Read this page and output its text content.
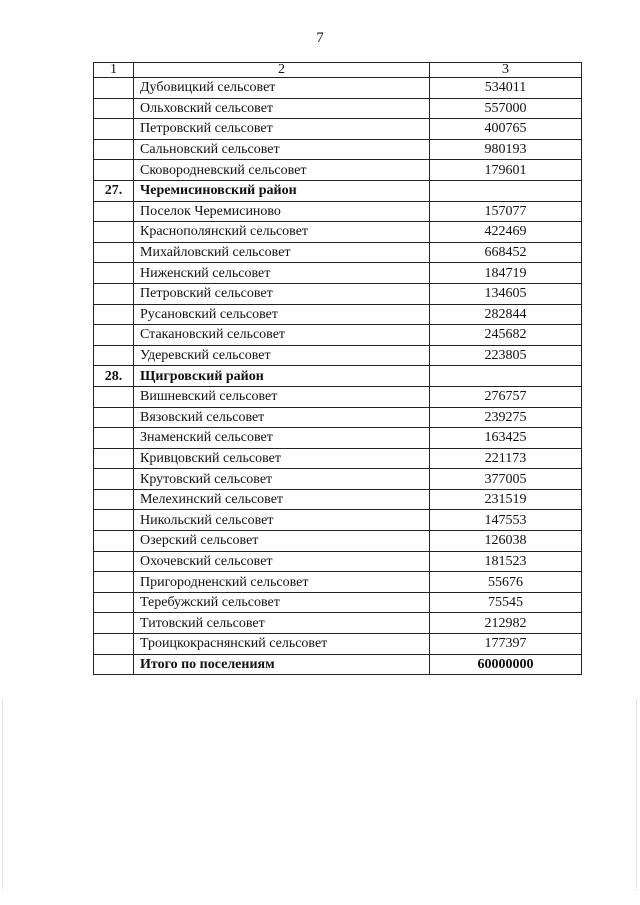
7
1	2	3
	Дубовицкий сельсовет	534011
	Ольховский сельсовет	557000
	Петровский сельсовет	400765
	Сальновский сельсовет	980193
	Сковородневский сельсовет	179601
27.	Черемисиновский район	
	Поселок Черемисиново	157077
	Краснополянский сельсовет	422469
	Михайловский сельсовет	668452
	Ниженский сельсовет	184719
	Петровский сельсовет	134605
	Русановский сельсовет	282844
	Стакановский сельсовет	245682
	Удеревский сельсовет	223805
28.	Щигровский район	
	Вишневский сельсовет	276757
	Вязовский сельсовет	239275
	Знаменский сельсовет	163425
	Кривцовский сельсовет	221173
	Крутовский сельсовет	377005
	Мелехинский сельсовет	231519
	Никольский сельсовет	147553
	Озерский сельсовет	126038
	Охочевский сельсовет	181523
	Пригородненский сельсовет	55676
	Теребужский сельсовет	75545
	Титовский сельсовет	212982
	Троицкокраснянский сельсовет	177397
	Итого по поселениям	60000000
